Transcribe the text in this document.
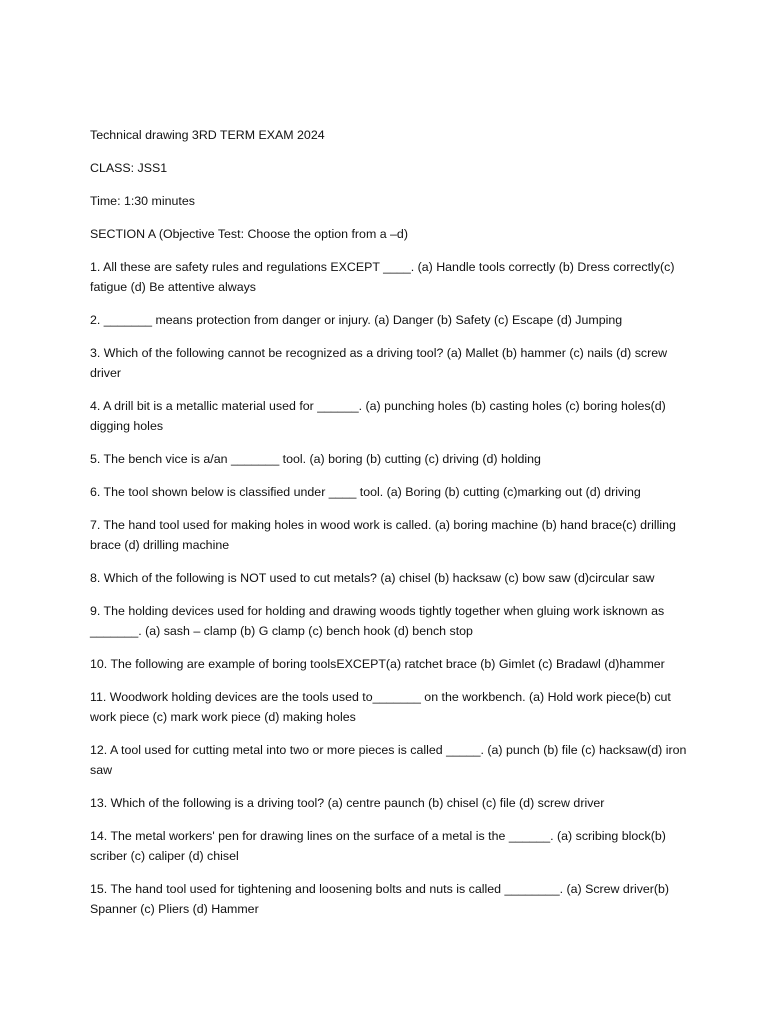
Technical drawing 3RD TERM EXAM 2024

CLASS: JSS1

Time: 1:30 minutes

SECTION A (Objective Test: Choose the option from a –d)

1. All these are safety rules and regulations EXCEPT ____. (a) Handle tools correctly (b) Dress correctly(c) fatigue (d) Be attentive always

2. _______ means protection from danger or injury. (a) Danger (b) Safety (c) Escape (d) Jumping

3. Which of the following cannot be recognized as a driving tool? (a) Mallet (b) hammer (c) nails (d) screw driver

4. A drill bit is a metallic material used for ______. (a) punching holes (b) casting holes (c) boring holes(d) digging holes

5. The bench vice is a/an _______ tool. (a) boring (b) cutting (c) driving (d) holding

6. The tool shown below is classified under ____ tool. (a) Boring (b) cutting (c)marking out (d) driving

7. The hand tool used for making holes in wood work is called. (a) boring machine (b) hand brace(c) drilling brace (d) drilling machine

8. Which of the following is NOT used to cut metals? (a) chisel (b) hacksaw (c) bow saw (d)circular saw

9. The holding devices used for holding and drawing woods tightly together when gluing work isknown as _______. (a) sash – clamp (b) G clamp (c) bench hook (d) bench stop

10. The following are example of boring toolsEXCEPT(a) ratchet brace (b) Gimlet (c) Bradawl (d)hammer

11. Woodwork holding devices are the tools used to_______ on the workbench. (a) Hold work piece(b) cut work piece (c) mark work piece (d) making holes

12. A tool used for cutting metal into two or more pieces is called _____. (a) punch (b) file (c) hacksaw(d) iron saw

13. Which of the following is a driving tool? (a) centre paunch (b) chisel (c) file (d) screw driver

14. The metal workers' pen for drawing lines on the surface of a metal is the ______. (a) scribing block(b) scriber (c) caliper (d) chisel

15. The hand tool used for tightening and loosening bolts and nuts is called ________. (a) Screw driver(b) Spanner (c) Pliers (d) Hammer
